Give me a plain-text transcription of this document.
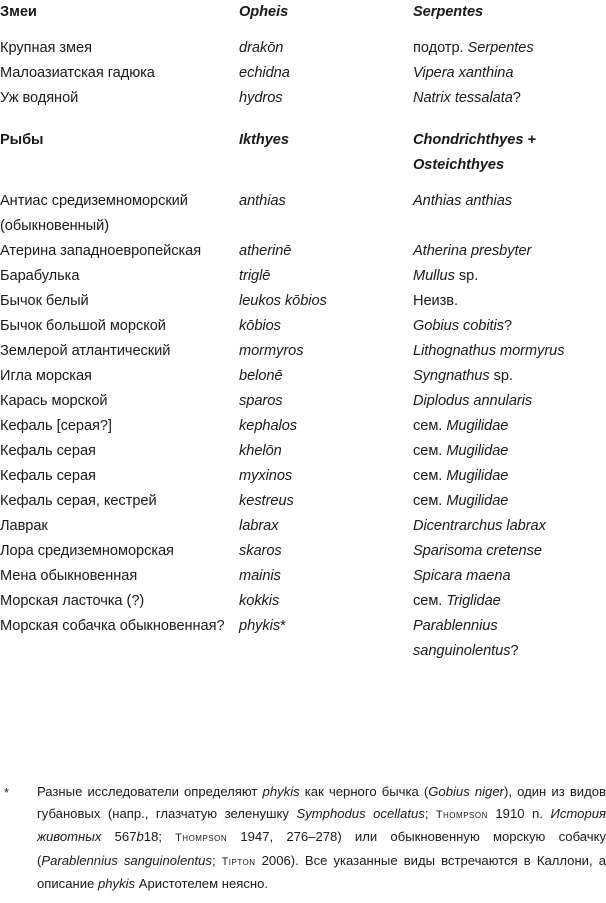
Змеи	Opheis	Serpentes

Крупная змея	drakōn	подотр. Serpentes
Малоазиатская гадюка	echidna	Vipera xanthina
Уж водяной	hydros	Natrix tessalata?

Рыбы	Ikthyes	Chondrichthyes + Osteichthyes

Антиас средиземноморский (обыкновенный)	anthias	Anthias anthias
Атерина западноевропейская	atherinē	Atherina presbyter
Барабулька	triglē	Mullus sp.
Бычок белый	leukos kōbios	Неизв.
Бычок большой морской	kōbios	Gobius cobitis?
Землерой атлантический	mormyros	Lithognathus mormyrus
Игла морская	belonē	Syngnathus sp.
Карась морской	sparos	Diplodus annularis
Кефаль [серая?]	kephalos	сем. Mugilidae
Кефаль серая	khelōn	сем. Mugilidae
Кефаль серая	myxinos	сем. Mugilidae
Кефаль серая, кестрей	kestreus	сем. Mugilidae
Лаврак	labrax	Dicentrarchus labrax
Лора средиземноморская	skaros	Sparisoma cretense
Мена обыкновенная	mainis	Spicara maena
Морская ласточка (?)	kokkis	сем. Triglidae
Морская собачка обыкновенная?	phykis*	Parablennius sanguinolentus?
* Разные исследователи определяют phykis как черного бычка (Gobius niger), один из видов губановых (напр., глазчатую зеленушку Symphodus ocellatus; Thompson 1910 n. История животных 567b18; Thompson 1947, 276–278) или обыкновенную морскую собачку (Parablennius sanguinolentus; Tipton 2006). Все указанные виды встречаются в Каллони, а описание phykis Аристотелем неясно.
